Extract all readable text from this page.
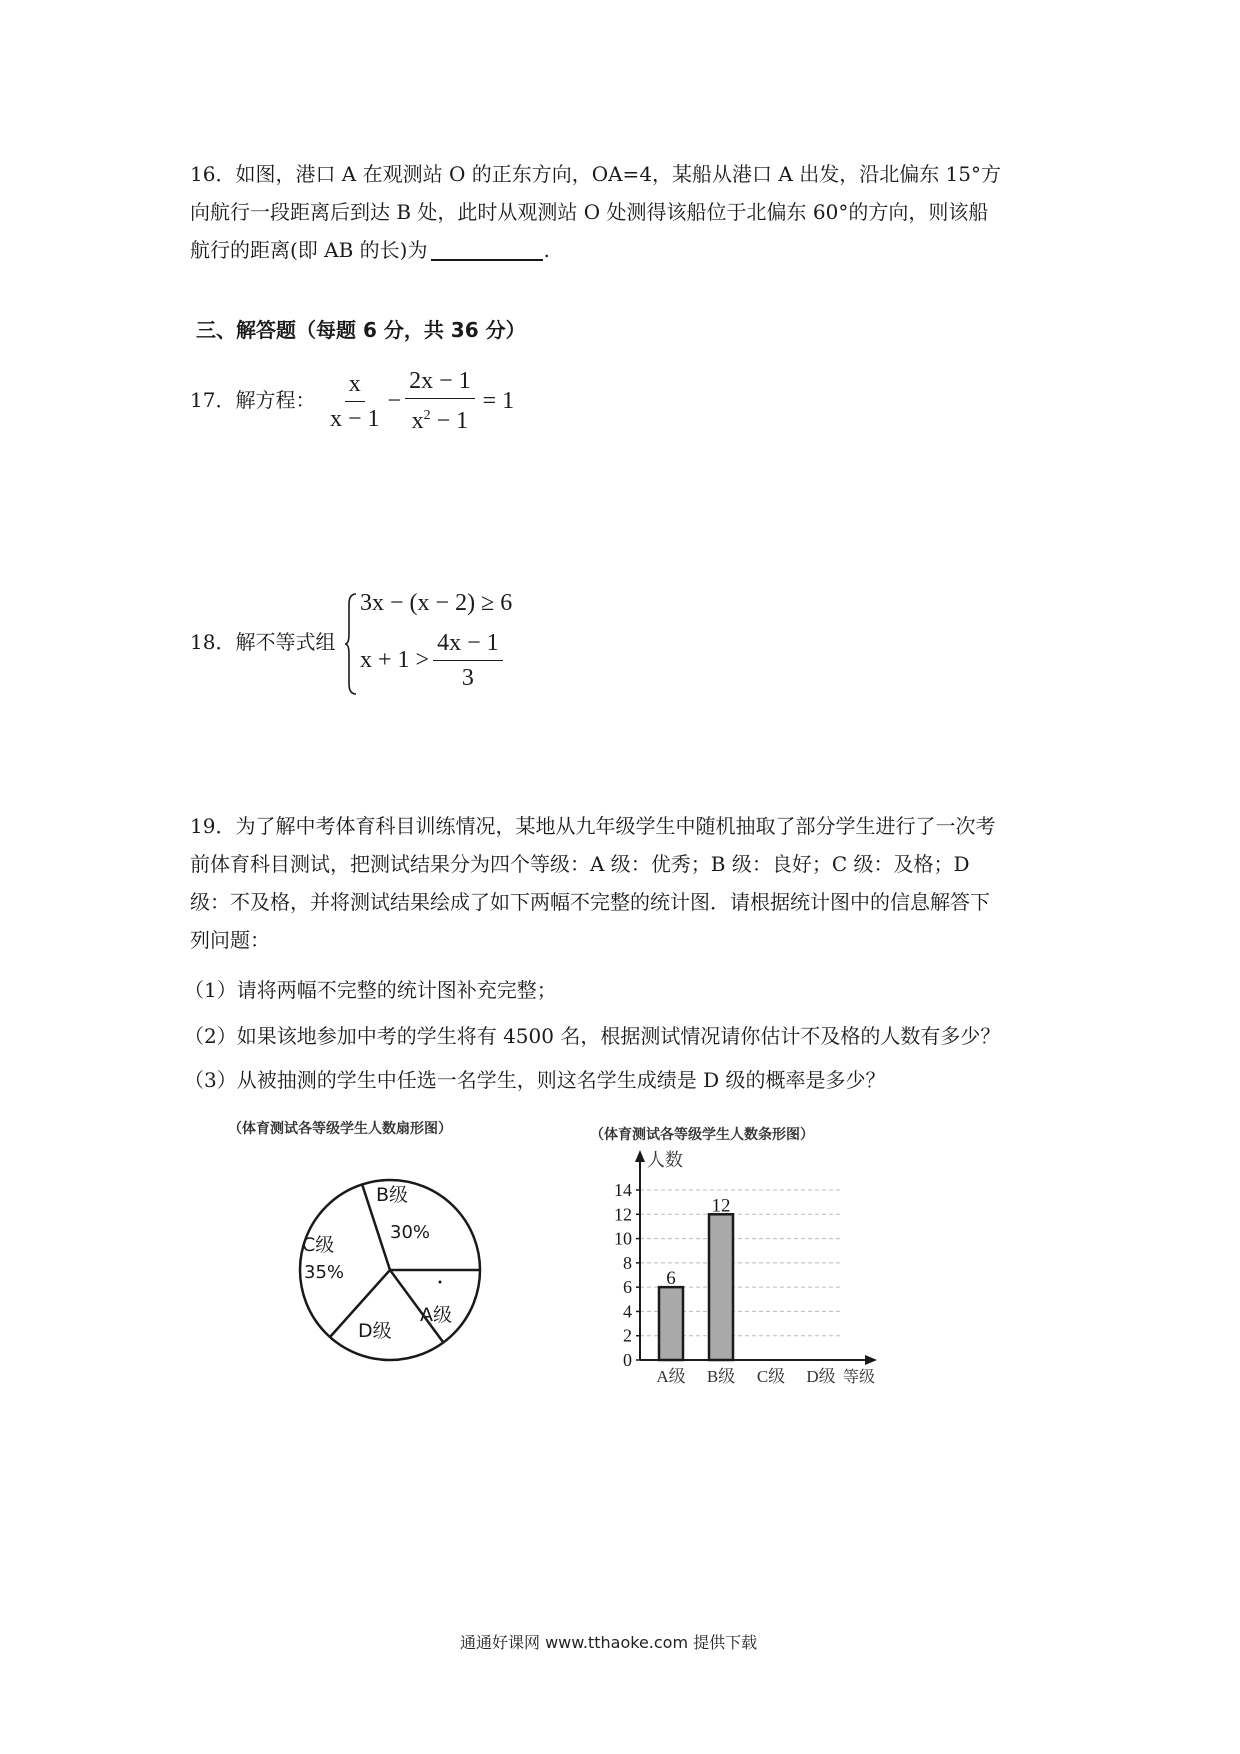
16．如图，港口 A 在观测站 O 的正东方向，OA=4，某船从港口 A 出发，沿北偏东 15°方
向航行一段距离后到达 B 处，此时从观测站 O 处测得该船位于北偏东 60°的方向，则该船
航行的距离(即 AB 的长)为	.
三、解答题（每题 6 分，共 36 分）
17．解方程： $\frac{x}{x - 1} - \frac{2x - 1}{x^2 - 1} = 1$
18．解不等式组
3x − (x − 2) ≥ 6
$x + 1 > \frac{4x - 1}{3}$
19．为了解中考体育科目训练情况，某地从九年级学生中随机抽取了部分学生进行了一次考
前体育科目测试，把测试结果分为四个等级：A 级：优秀；B 级：良好；C 级：及格；D
级：不及格，并将测试结果绘成了如下两幅不完整的统计图．请根据统计图中的信息解答下
列问题：
（1）请将两幅不完整的统计图补充完整；
（2）如果该地参加中考的学生将有 4500 名，根据测试情况请你估计不及格的人数有多少？
（3）从被抽测的学生中任选一名学生，则这名学生成绩是 D 级的概率是多少？
（体育测试各等级学生人数扇形图）
B级
30%
C级
35%
A级
D级
（体育测试各等级学生人数条形图）
人数
等级
0
2
4
6
8
10
12
14
A级
6
B级
12
C级 D级
通通好课网 www.tthaoke.com 提供下载
